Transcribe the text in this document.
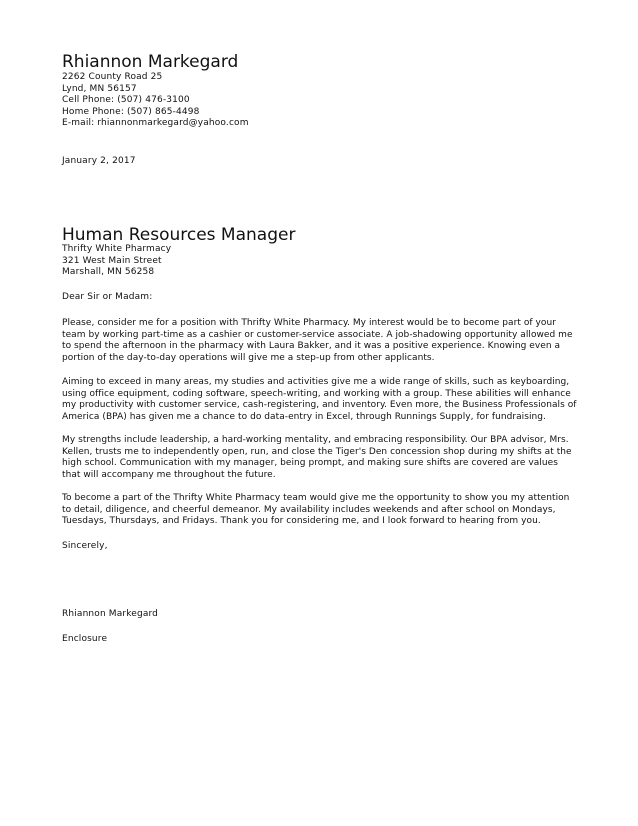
Rhiannon Markegard
2262 County Road 25
Lynd, MN 56157
Cell Phone: (507) 476-3100
Home Phone: (507) 865-4498
E-mail: rhiannonmarkegard@yahoo.com
January 2, 2017
Human Resources Manager
Thrifty White Pharmacy
321 West Main Street
Marshall, MN 56258
Dear Sir or Madam:
Please, consider me for a position with Thrifty White Pharmacy. My interest would be to become part of your
team by working part-time as a cashier or customer-service associate. A job-shadowing opportunity allowed me
to spend the afternoon in the pharmacy with Laura Bakker, and it was a positive experience. Knowing even a
portion of the day-to-day operations will give me a step-up from other applicants.
Aiming to exceed in many areas, my studies and activities give me a wide range of skills, such as keyboarding,
using office equipment, coding software, speech-writing, and working with a group. These abilities will enhance
my productivity with customer service, cash-registering, and inventory. Even more, the Business Professionals of
America (BPA) has given me a chance to do data-entry in Excel, through Runnings Supply, for fundraising.
My strengths include leadership, a hard-working mentality, and embracing responsibility. Our BPA advisor, Mrs.
Kellen, trusts me to independently open, run, and close the Tiger's Den concession shop during my shifts at the
high school. Communication with my manager, being prompt, and making sure shifts are covered are values
that will accompany me throughout the future.
To become a part of the Thrifty White Pharmacy team would give me the opportunity to show you my attention
to detail, diligence, and cheerful demeanor. My availability includes weekends and after school on Mondays,
Tuesdays, Thursdays, and Fridays. Thank you for considering me, and I look forward to hearing from you.
Sincerely,
Rhiannon Markegard
Enclosure
